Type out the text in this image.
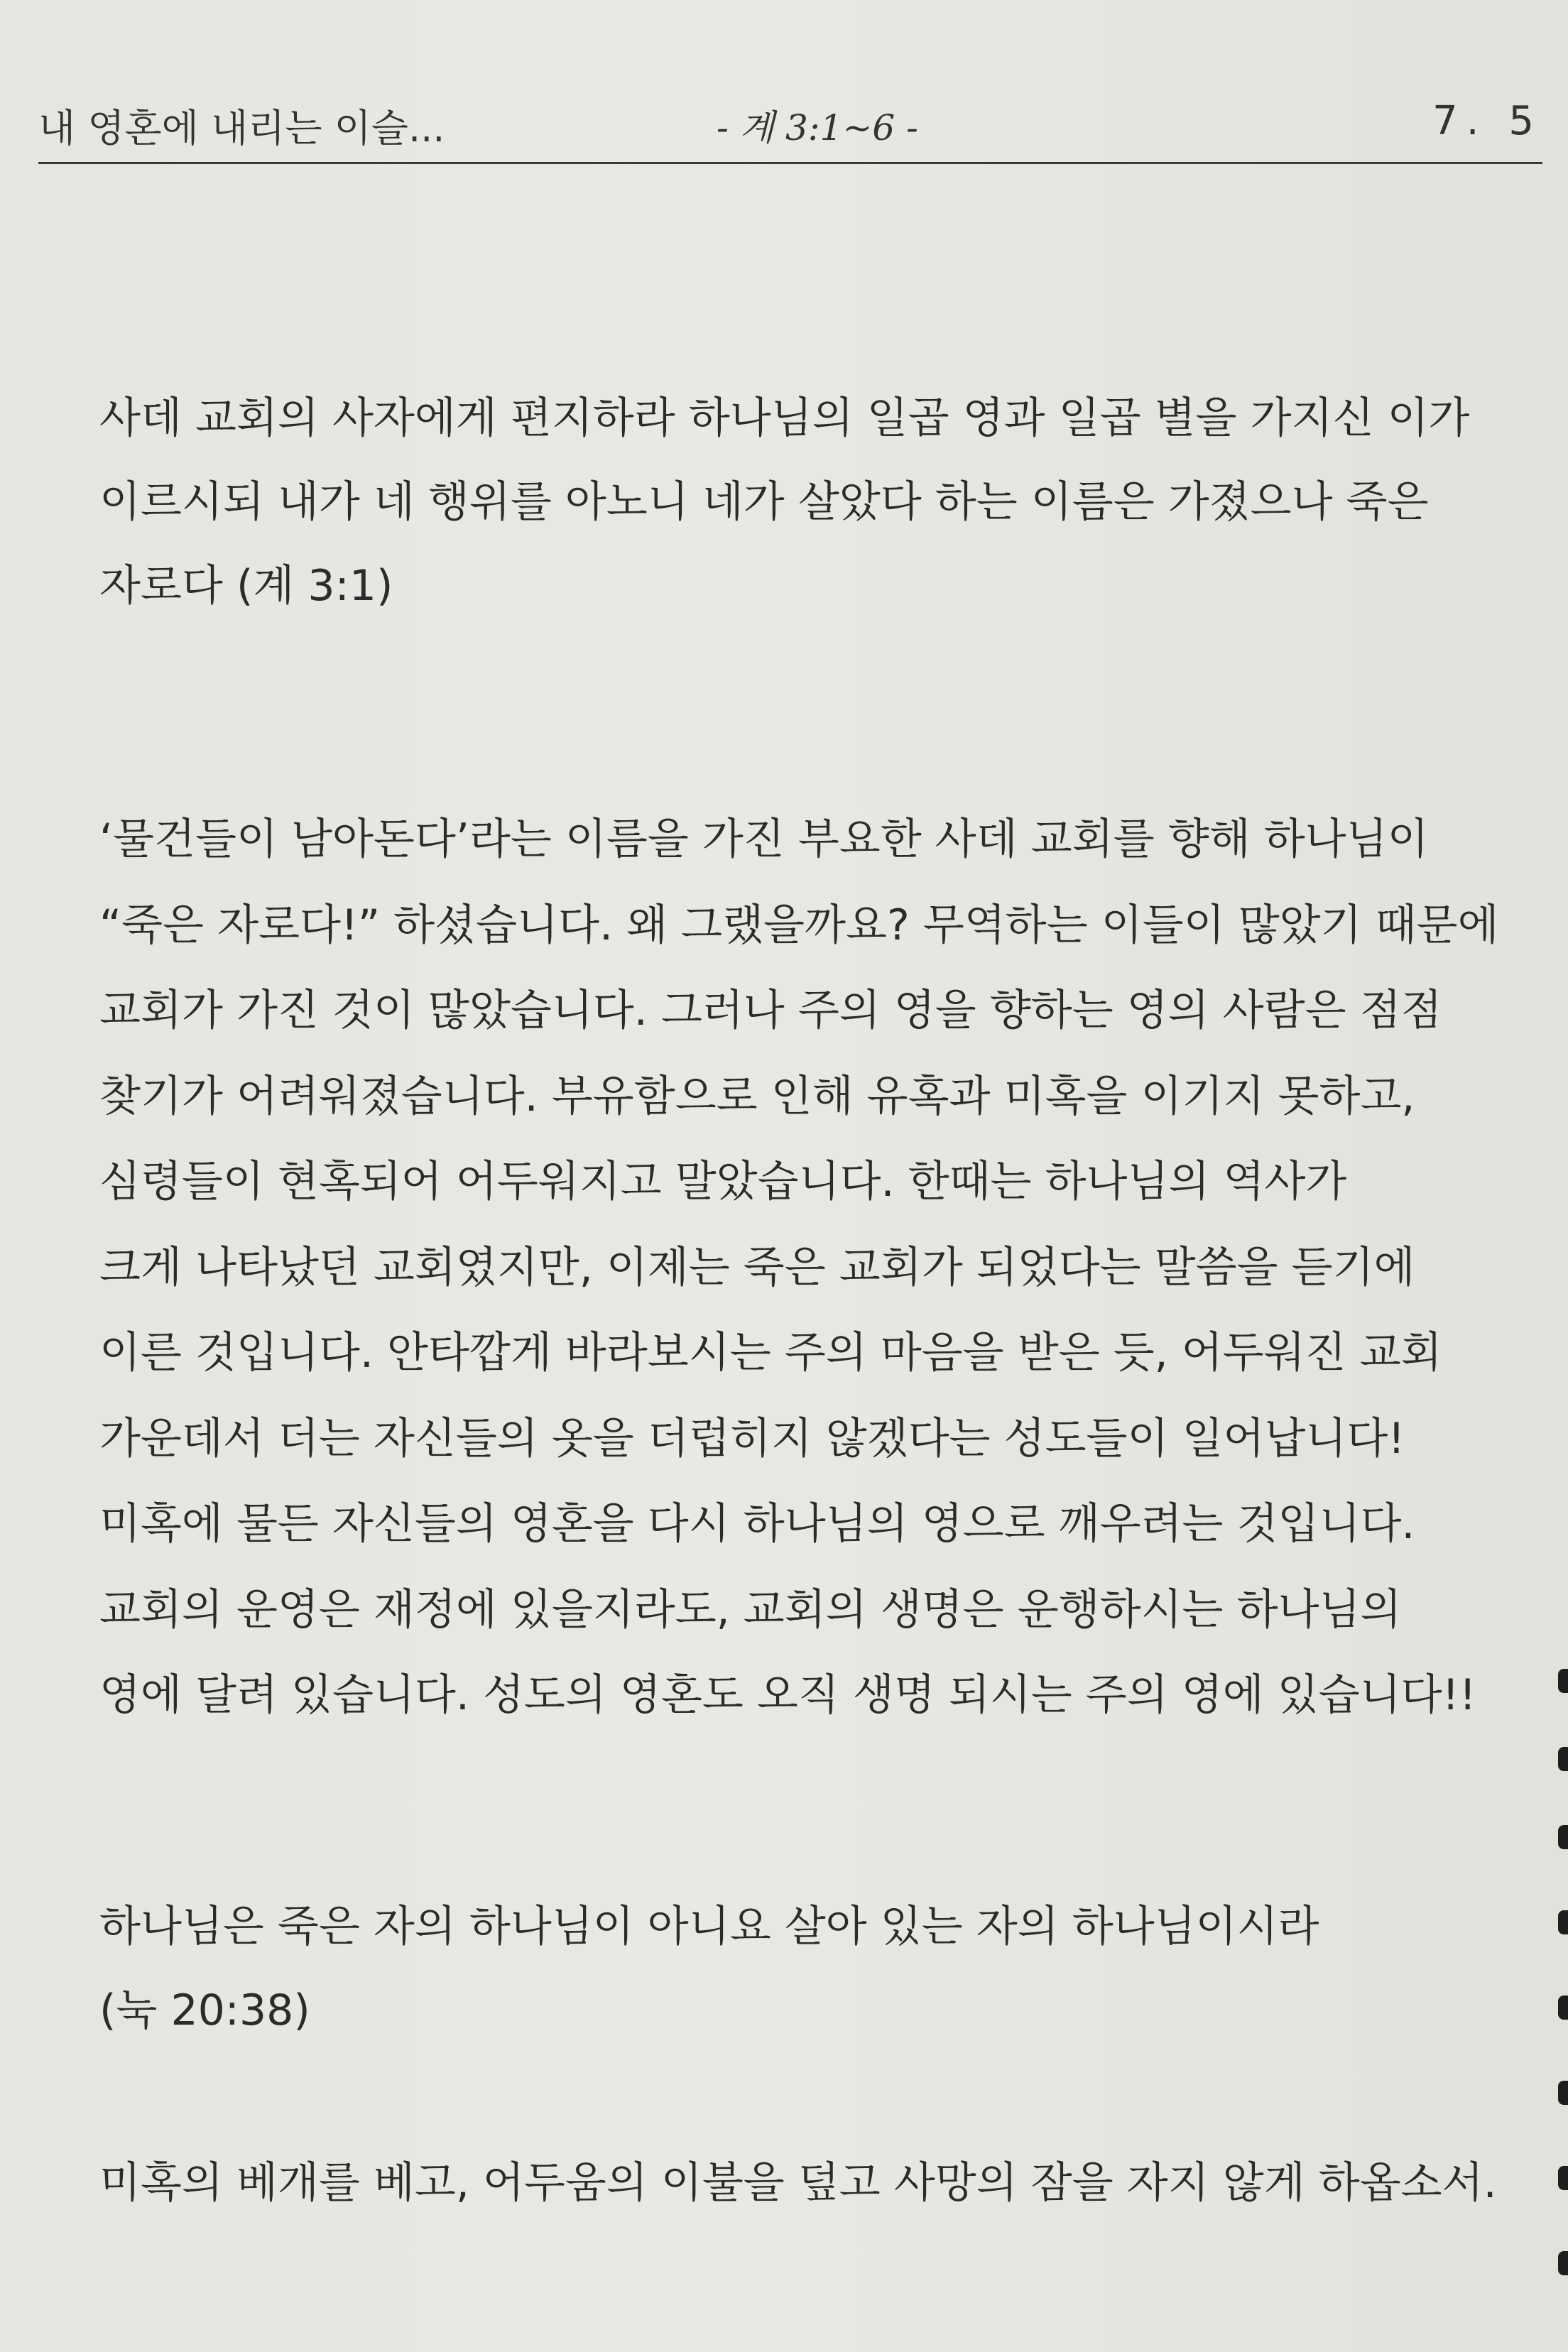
내 영혼에 내리는 이슬...	- 계 3:1~6 -	7. 5
사데 교회의 사자에게 편지하라 하나님의 일곱 영과 일곱 별을 가지신 이가
이르시되 내가 네 행위를 아노니 네가 살았다 하는 이름은 가졌으나 죽은
자로다 (계 3:1)
‘물건들이 남아돈다’라는 이름을 가진 부요한 사데 교회를 향해 하나님이
“죽은 자로다!” 하셨습니다. 왜 그랬을까요? 무역하는 이들이 많았기 때문에
교회가 가진 것이 많았습니다. 그러나 주의 영을 향하는 영의 사람은 점점
찾기가 어려워졌습니다. 부유함으로 인해 유혹과 미혹을 이기지 못하고,
심령들이 현혹되어 어두워지고 말았습니다. 한때는 하나님의 역사가
크게 나타났던 교회였지만, 이제는 죽은 교회가 되었다는 말씀을 듣기에
이른 것입니다. 안타깝게 바라보시는 주의 마음을 받은 듯, 어두워진 교회
가운데서 더는 자신들의 옷을 더럽히지 않겠다는 성도들이 일어납니다!
미혹에 물든 자신들의 영혼을 다시 하나님의 영으로 깨우려는 것입니다.
교회의 운영은 재정에 있을지라도, 교회의 생명은 운행하시는 하나님의
영에 달려 있습니다. 성도의 영혼도 오직 생명 되시는 주의 영에 있습니다!!
하나님은 죽은 자의 하나님이 아니요 살아 있는 자의 하나님이시라
(눅 20:38)
미혹의 베개를 베고, 어두움의 이불을 덮고 사망의 잠을 자지 않게 하옵소서.
